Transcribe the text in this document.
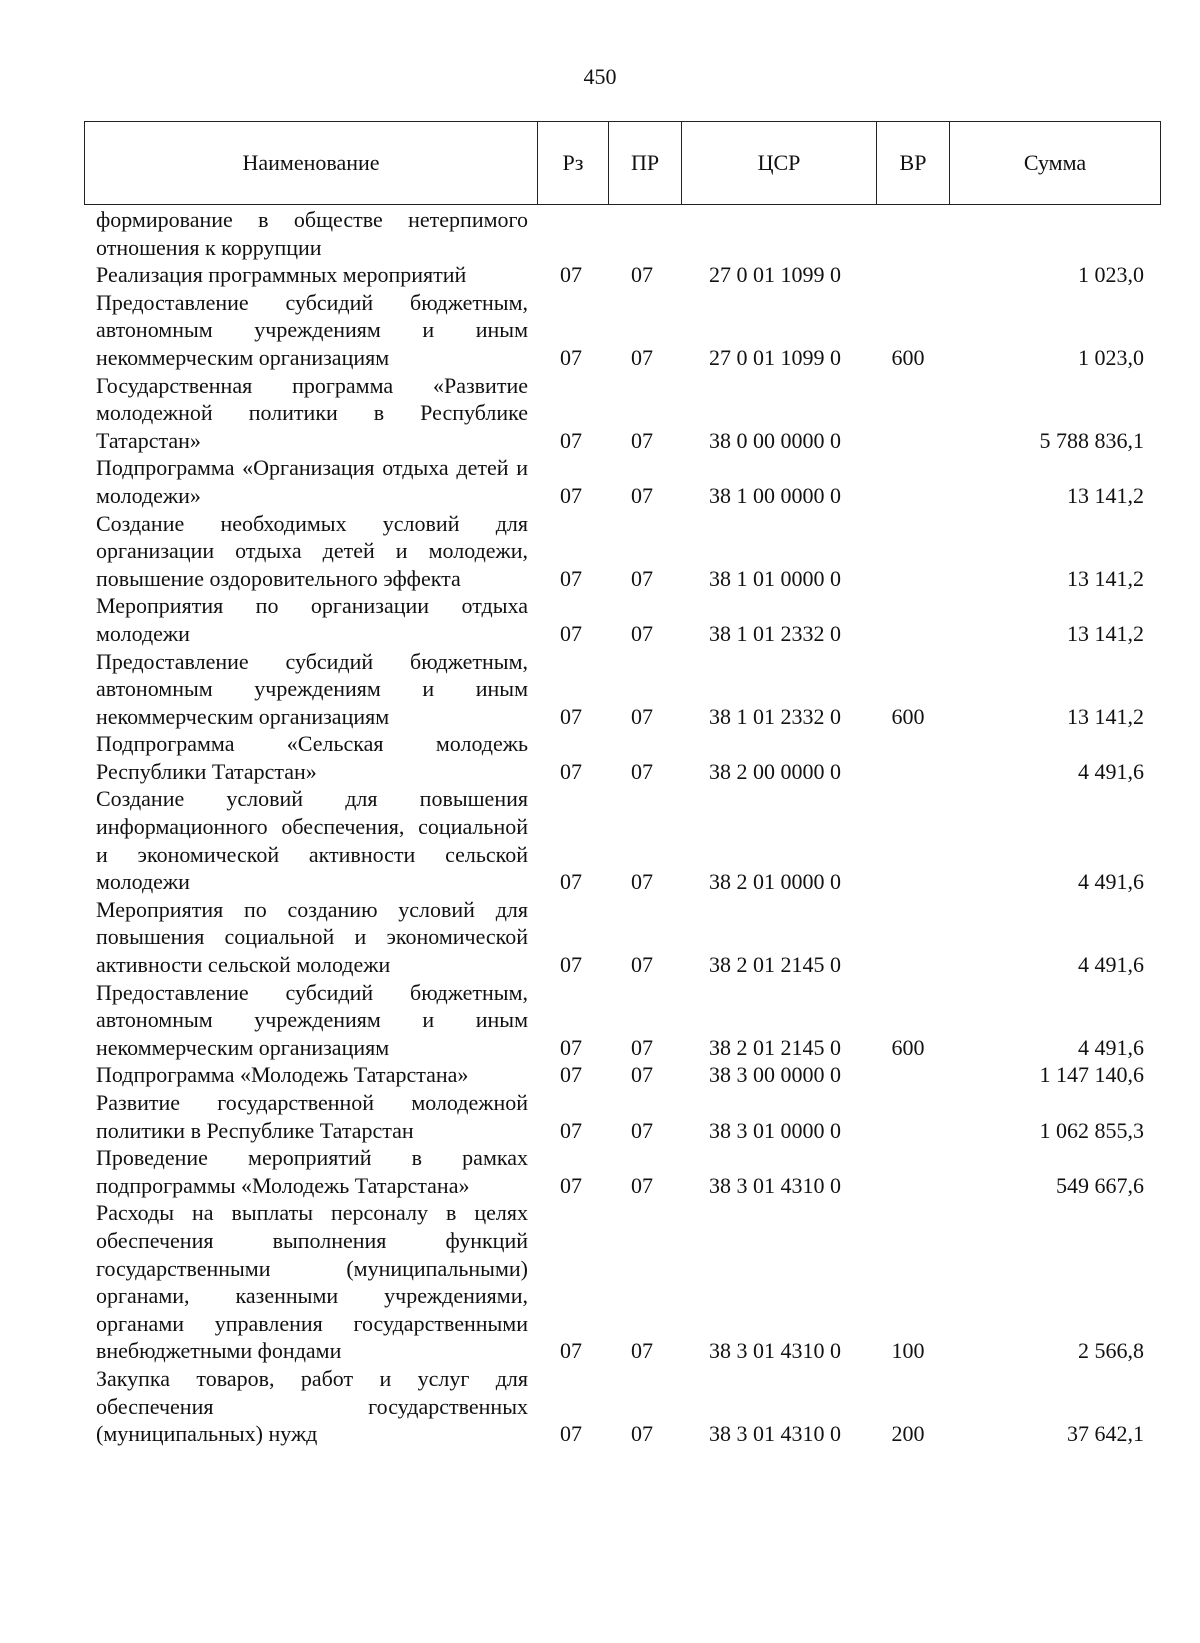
450
Наименование	Рз	ПР	ЦСР	ВР	Сумма
формирование в обществе нетерпимого отношения к коррупции
Реализация программных мероприятий	07	07	27 0 01 1099 0	1 023,0
Предоставление субсидий бюджетным, автономным учреждениям и иным некоммерческим организациям	07	07	27 0 01 1099 0	600	1 023,0
Государственная программа «Развитие молодежной политики в Республике Татарстан»	07	07	38 0 00 0000 0	5 788 836,1
Подпрограмма «Организация отдыха детей и молодежи»	07	07	38 1 00 0000 0	13 141,2
Создание необходимых условий для организации отдыха детей и молодежи, повышение оздоровительного эффекта	07	07	38 1 01 0000 0	13 141,2
Мероприятия по организации отдыха молодежи	07	07	38 1 01 2332 0	13 141,2
Предоставление субсидий бюджетным, автономным учреждениям и иным некоммерческим организациям	07	07	38 1 01 2332 0	600	13 141,2
Подпрограмма «Сельская молодежь Республики Татарстан»	07	07	38 2 00 0000 0	4 491,6
Создание условий для повышения информационного обеспечения, социальной и экономической активности сельской молодежи	07	07	38 2 01 0000 0	4 491,6
Мероприятия по созданию условий для повышения социальной и экономической активности сельской молодежи	07	07	38 2 01 2145 0	4 491,6
Предоставление субсидий бюджетным, автономным учреждениям и иным некоммерческим организациям	07	07	38 2 01 2145 0	600	4 491,6
Подпрограмма «Молодежь Татарстана»	07	07	38 3 00 0000 0	1 147 140,6
Развитие государственной молодежной политики в Республике Татарстан	07	07	38 3 01 0000 0	1 062 855,3
Проведение мероприятий в рамках подпрограммы «Молодежь Татарстана»	07	07	38 3 01 4310 0	549 667,6
Расходы на выплаты персоналу в целях обеспечения выполнения функций государственными (муниципальными) органами, казенными учреждениями, органами управления государственными внебюджетными фондами	07	07	38 3 01 4310 0	100	2 566,8
Закупка товаров, работ и услуг для обеспечения государственных (муниципальных) нужд	07	07	38 3 01 4310 0	200	37 642,1
